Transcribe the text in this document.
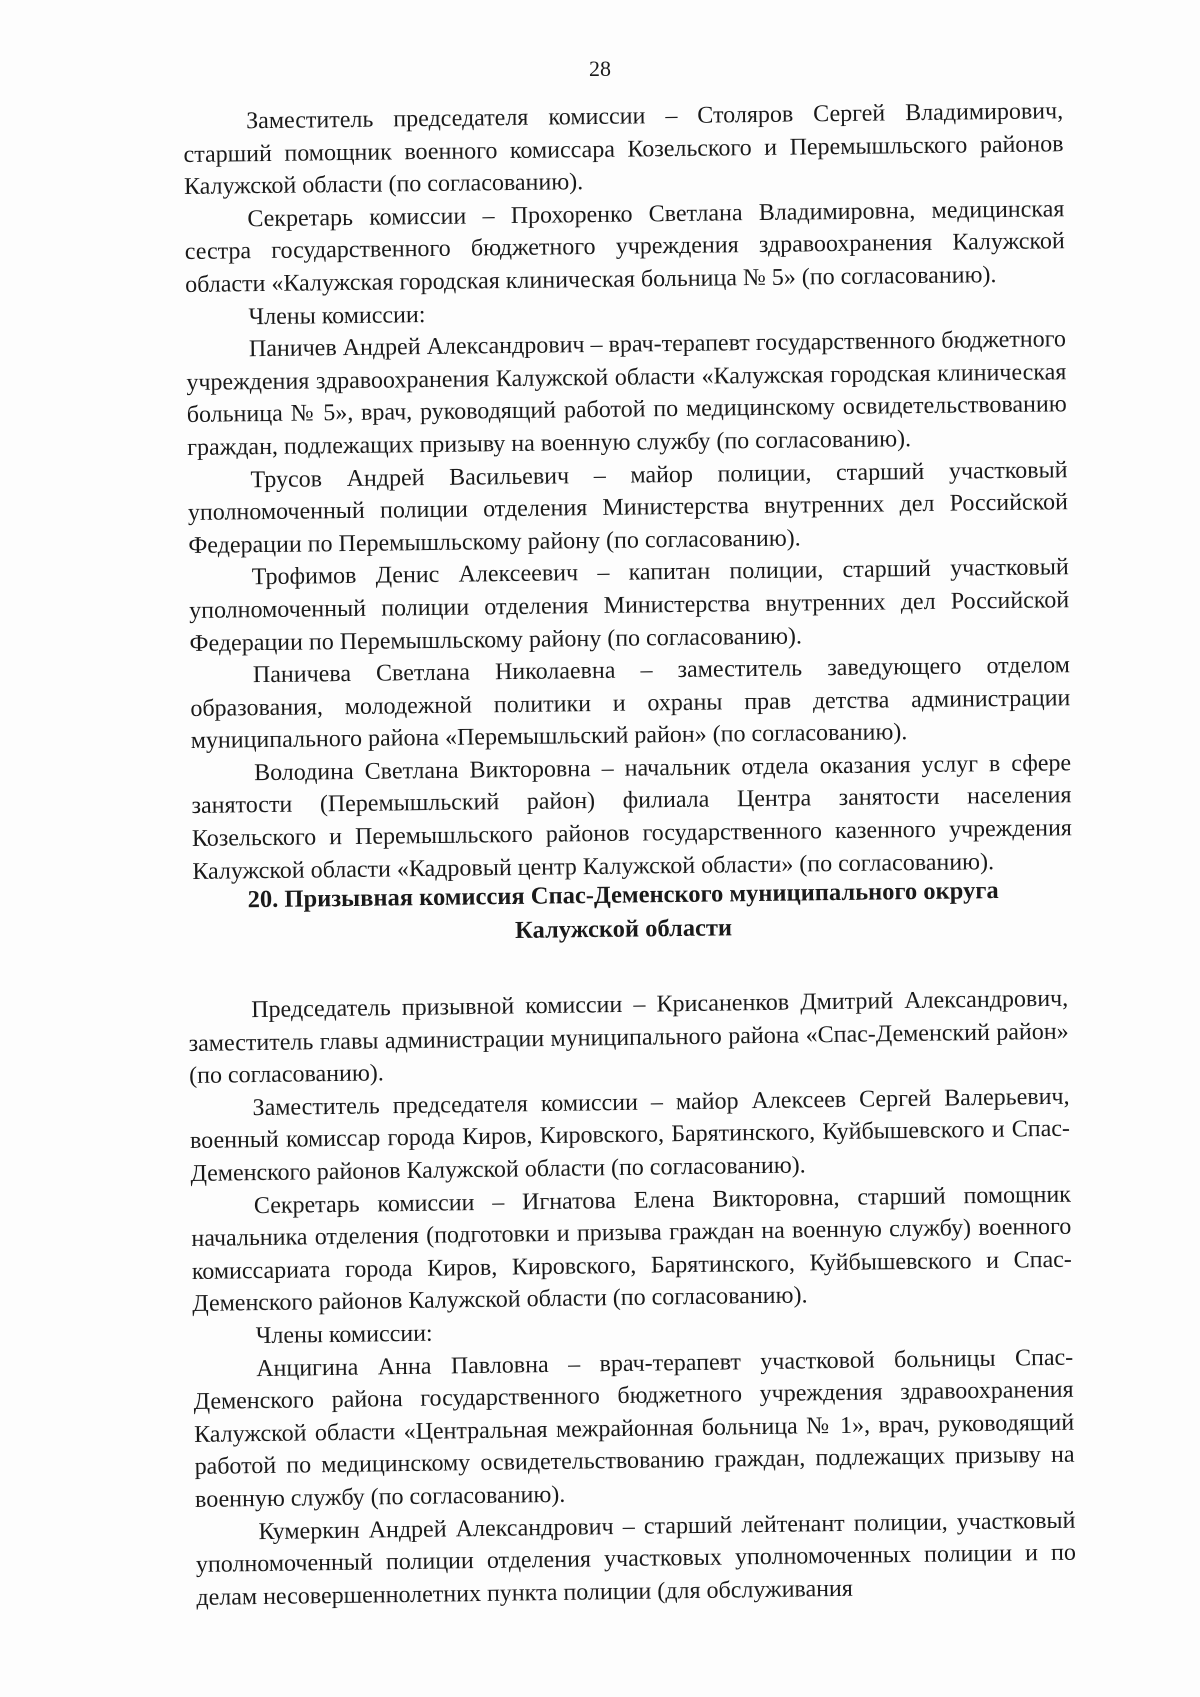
28

Заместитель председателя комиссии – Столяров Сергей Владимирович, старший помощник военного комиссара Козельского и Перемышльского районов Калужской области (по согласованию).

Секретарь комиссии – Прохоренко Светлана Владимировна, медицинская сестра государственного бюджетного учреждения здравоохранения Калужской области «Калужская городская клиническая больница № 5» (по согласованию).

Члены комиссии:

Паничев Андрей Александрович – врач-терапевт государственного бюджетного учреждения здравоохранения Калужской области «Калужская городская клиническая больница № 5», врач, руководящий работой по медицинскому освидетельствованию граждан, подлежащих призыву на военную службу (по согласованию).

Трусов Андрей Васильевич – майор полиции, старший участковый уполномоченный полиции отделения Министерства внутренних дел Российской Федерации по Перемышльскому району (по согласованию).

Трофимов Денис Алексеевич – капитан полиции, старший участковый уполномоченный полиции отделения Министерства внутренних дел Российской Федерации по Перемышльскому району (по согласованию).

Паничева Светлана Николаевна – заместитель заведующего отделом образования, молодежной политики и охраны прав детства администрации муниципального района «Перемышльский район» (по согласованию).

Володина Светлана Викторовна – начальник отдела оказания услуг в сфере занятости (Перемышльский район) филиала Центра занятости населения Козельского и Перемышльского районов государственного казенного учреждения Калужской области «Кадровый центр Калужской области» (по согласованию).

20. Призывная комиссия Спас-Деменского муниципального округа
Калужской области

Председатель призывной комиссии – Крисаненков Дмитрий Александрович, заместитель главы администрации муниципального района «Спас-Деменский район» (по согласованию).

Заместитель председателя комиссии – майор Алексеев Сергей Валерьевич, военный комиссар города Киров, Кировского, Барятинского, Куйбышевского и Спас-Деменского районов Калужской области (по согласованию).

Секретарь комиссии – Игнатова Елена Викторовна, старший помощник начальника отделения (подготовки и призыва граждан на военную службу) военного комиссариата города Киров, Кировского, Барятинского, Куйбышевского и Спас-Деменского районов Калужской области (по согласованию).

Члены комиссии:

Анцигина Анна Павловна – врач-терапевт участковой больницы Спас-Деменского района государственного бюджетного учреждения здравоохранения Калужской области «Центральная межрайонная больница № 1», врач, руководящий работой по медицинскому освидетельствованию граждан, подлежащих призыву на военную службу (по согласованию).

Кумеркин Андрей Александрович – старший лейтенант полиции, участковый уполномоченный полиции отделения участковых уполномоченных полиции и по делам несовершеннолетних пункта полиции (для обслуживания
